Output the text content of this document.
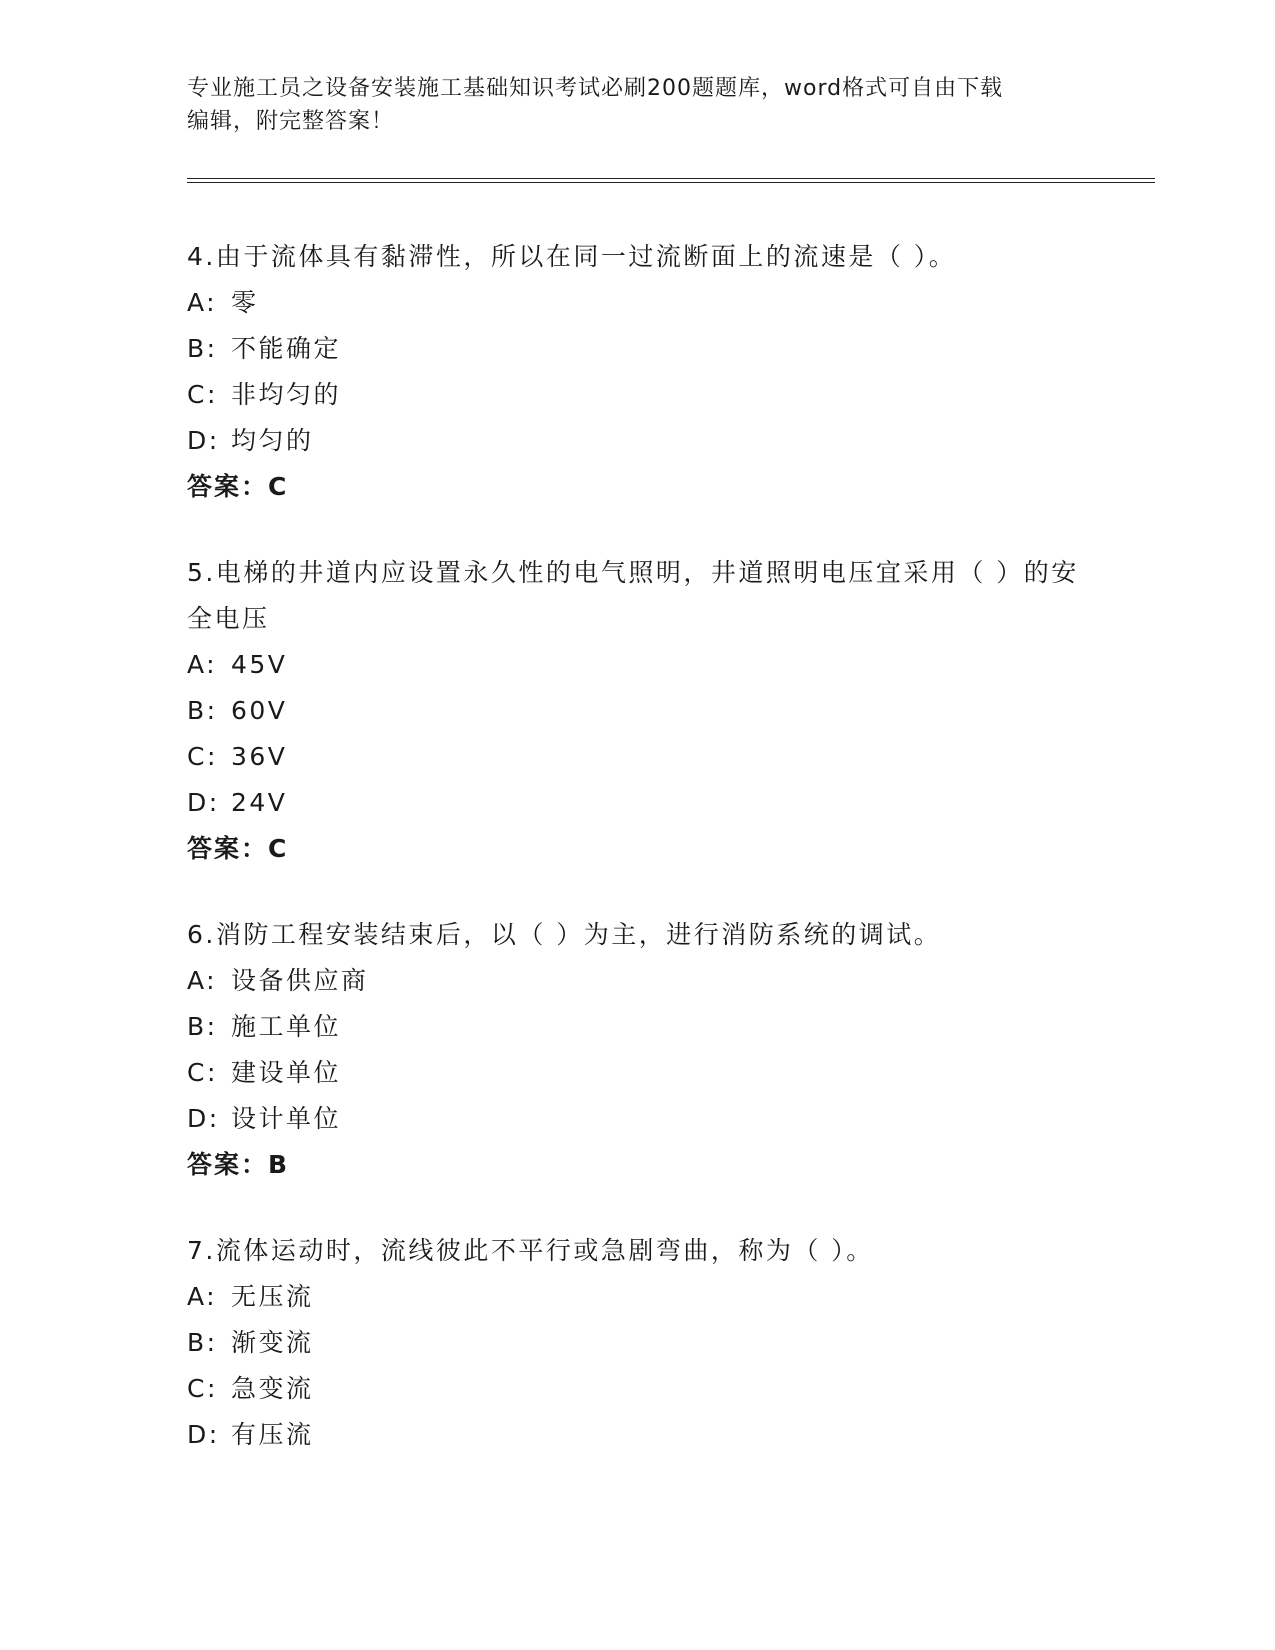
专业施工员之设备安装施工基础知识考试必刷200题题库，word格式可自由下载
编辑，附完整答案！

4.由于流体具有黏滞性，所以在同一过流断面上的流速是（ ）。

A: 零
B: 不能确定
C: 非均匀的
D: 均匀的
答案：C

5.电梯的井道内应设置永久性的电气照明，井道照明电压宜采用（ ）的安全电压

A: 45V
B: 60V
C: 36V
D: 24V
答案：C

6.消防工程安装结束后，以（ ）为主，进行消防系统的调试。

A: 设备供应商
B: 施工单位
C: 建设单位
D: 设计单位
答案：B

7.流体运动时，流线彼此不平行或急剧弯曲，称为（ ）。

A: 无压流
B: 渐变流
C: 急变流
D: 有压流
